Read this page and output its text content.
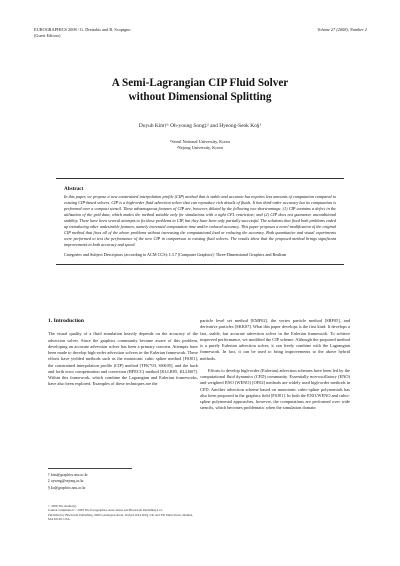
EUROGRAPHICS 2008 / G. Drettakis and R. Scopigno
(Guest Editors)
Volume 27 (2008), Number 2
A Semi-Lagrangian CIP Fluid Solver
without Dimensional Splitting
Doyub Kim†¹ Oh-young Song‡² and Hyeong-Seok Ko§¹
¹Seoul National University, Korea
²Sejong University, Korea
Abstract

In this paper, we propose a new constrained interpolation profile (CIP) method that is stable and accurate but requires less amounts of computation compared to existing CIP-based solvers. CIP is a high-order fluid advection solver that can reproduce rich details of fluids. It has third-order accuracy but its computation is performed over a compact stencil. These advantageous features of CIP are, however, diluted by the following two shortcomings: (1) CIP contains a defect in the utilization of the grid data, which makes the method suitable only for simulations with a tight CFL restriction; and (2) CIP does not guarantee unconditional stability. There have been several attempts to fix these problems in CIP, but they have been only partially successful. The solutions that fixed both problems ended up introducing other undesirable features, namely increased computation time and/or reduced accuracy. This paper proposes a novel modification of the original CIP method that fixes all of the above problems without increasing the computational load or reducing the accuracy. Both quantitative and visual experiments were performed to test the performance of the new CIP in comparison to existing fluid solvers. The results show that the proposed method brings significant improvements in both accuracy and speed.

Categories and Subject Descriptors (according to ACM CCS): I.3.7 [Computer Graphics]: Three-Dimensional Graphics and Realism
1. Introduction

The visual quality of a fluid simulation heavily depends on the accuracy of the advection solver. Since the graphics community became aware of this problem, developing an accurate advection solver has been a primary concern. Attempts have been made to develop high-order advection solvers in the Eulerian framework. These efforts have yielded methods such as the monotonic cubic spline method [FSJ01], the constrained interpolation profile (CIP) method [TFK*03, SSK05], and the back and forth error compensation and correction (BFECC) method [KLLR05, KLLR07]. Within this framework, which combine the Lagrangian and Eulerian frameworks, have also been explored. Examples of these techniques are the

particle level set method [EMF02], the vortex particle method [SRF05], and derivative particles [SKK07]. What this paper develops is the first kind: It develops a fast, stable, but accurate advection solver in the Eulerian framework. To achieve improved performance, we modified the CIP scheme. Although the proposed method is a purely Eulerian advection solver, it can freely combine with the Lagrangian framework. In fact, it can be used to bring improvements to the above hybrid methods.

Efforts to develop high-order (Eulerian) advection schemes have been led by the computational fluid dynamics (CFD) community. Essentially non-oscillatory (ENO) and weighted ENO (WENO) [OF02] methods are widely used high-order methods in CFD. Another advection scheme based on monotonic cubic-spline polynomials has also been proposed in the graphics field [FSJ01]. In both the ENO/WENO and cubic-spline polynomial approaches, however, the computations are performed over wide stencils, which becomes problematic when the simulation domain

† kim@graphics.snu.ac.kr
‡ oysong@sejong.ac.kr
§ ko@graphics.snu.ac.kr
© 2008 The Author(s)
Journal compilation © 2008 The Eurographics Association and Blackwell Publishing Ltd.
Published by Blackwell Publishing, 9600 Garsington Road, Oxford OX4 2DQ, UK and 350 Main Street, Malden, MA 02148, USA.
